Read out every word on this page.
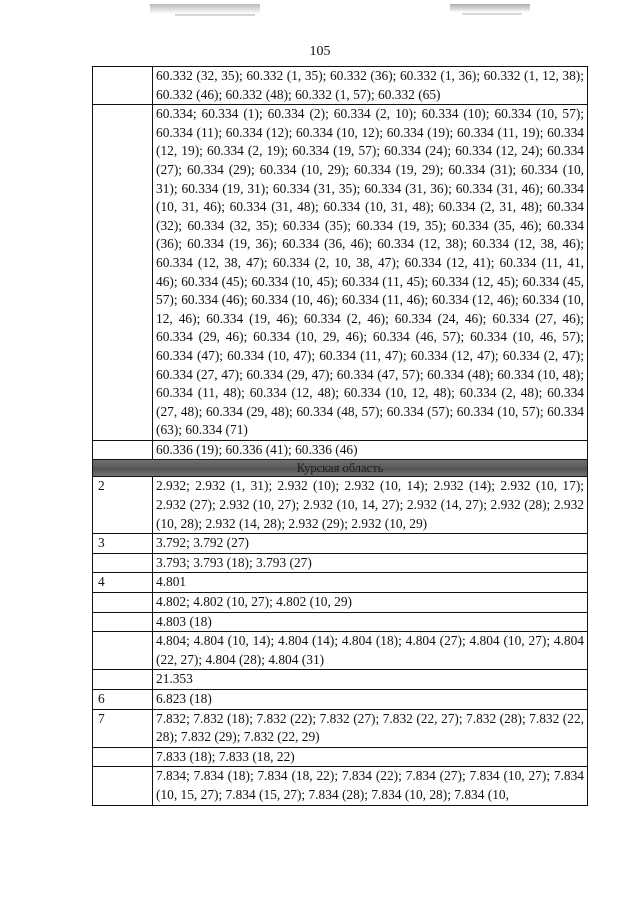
105
	60.332 (32, 35); 60.332 (1, 35); 60.332 (36); 60.332 (1, 36); 60.332 (1, 12, 38); 60.332 (46); 60.332 (48); 60.332 (1, 57); 60.332 (65)
	60.334; 60.334 (1); 60.334 (2); 60.334 (2, 10); 60.334 (10); 60.334 (10, 57); 60.334 (11); 60.334 (12); 60.334 (10, 12); 60.334 (19); 60.334 (11, 19); 60.334 (12, 19); 60.334 (2, 19); 60.334 (19, 57); 60.334 (24); 60.334 (12, 24); 60.334 (27); 60.334 (29); 60.334 (10, 29); 60.334 (19, 29); 60.334 (31); 60.334 (10, 31); 60.334 (19, 31); 60.334 (31, 35); 60.334 (31, 36); 60.334 (31, 46); 60.334 (10, 31, 46); 60.334 (31, 48); 60.334 (10, 31, 48); 60.334 (2, 31, 48); 60.334 (32); 60.334 (32, 35); 60.334 (35); 60.334 (19, 35); 60.334 (35, 46); 60.334 (36); 60.334 (19, 36); 60.334 (36, 46); 60.334 (12, 38); 60.334 (12, 38, 46); 60.334 (12, 38, 47); 60.334 (2, 10, 38, 47); 60.334 (12, 41); 60.334 (11, 41, 46); 60.334 (45); 60.334 (10, 45); 60.334 (11, 45); 60.334 (12, 45); 60.334 (45, 57); 60.334 (46); 60.334 (10, 46); 60.334 (11, 46); 60.334 (12, 46); 60.334 (10, 12, 46); 60.334 (19, 46); 60.334 (2, 46); 60.334 (24, 46); 60.334 (27, 46); 60.334 (29, 46); 60.334 (10, 29, 46); 60.334 (46, 57); 60.334 (10, 46, 57); 60.334 (47); 60.334 (10, 47); 60.334 (11, 47); 60.334 (12, 47); 60.334 (2, 47); 60.334 (27, 47); 60.334 (29, 47); 60.334 (47, 57); 60.334 (48); 60.334 (10, 48); 60.334 (11, 48); 60.334 (12, 48); 60.334 (10, 12, 48); 60.334 (2, 48); 60.334 (27, 48); 60.334 (29, 48); 60.334 (48, 57); 60.334 (57); 60.334 (10, 57); 60.334 (63); 60.334 (71)
	60.336 (19); 60.336 (41); 60.336 (46)
Курская область	
2	2.932; 2.932 (1, 31); 2.932 (10); 2.932 (10, 14); 2.932 (14); 2.932 (10, 17); 2.932 (27); 2.932 (10, 27); 2.932 (10, 14, 27); 2.932 (14, 27); 2.932 (28); 2.932 (10, 28); 2.932 (14, 28); 2.932 (29); 2.932 (10, 29)
3	3.792; 3.792 (27)
	3.793; 3.793 (18); 3.793 (27)
4	4.801
	4.802; 4.802 (10, 27); 4.802 (10, 29)
	4.803 (18)
	4.804; 4.804 (10, 14); 4.804 (14); 4.804 (18); 4.804 (27); 4.804 (10, 27); 4.804 (22, 27); 4.804 (28); 4.804 (31)
	21.353
6	6.823 (18)
7	7.832; 7.832 (18); 7.832 (22); 7.832 (27); 7.832 (22, 27); 7.832 (28); 7.832 (22, 28); 7.832 (29); 7.832 (22, 29)
	7.833 (18); 7.833 (18, 22)
	7.834; 7.834 (18); 7.834 (18, 22); 7.834 (22); 7.834 (27); 7.834 (10, 27); 7.834 (10, 15, 27); 7.834 (15, 27); 7.834 (28); 7.834 (10, 28); 7.834 (10,
